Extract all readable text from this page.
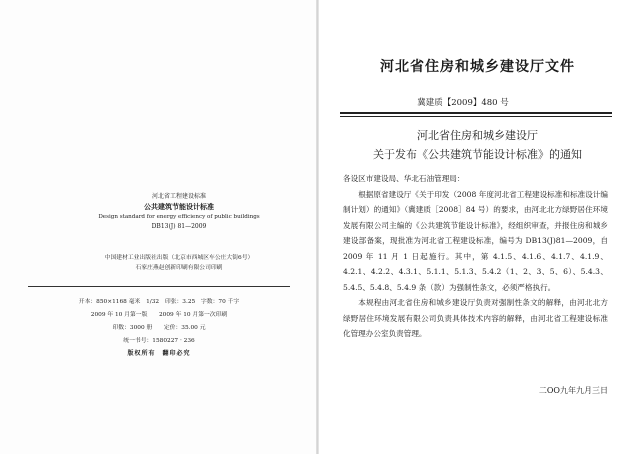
河北省工程建设标准
公共建筑节能设计标准
Design standard for energy efficiency of public buildings
DB13(J) 81—2009
中国建材工业出版社出版（北京市西城区车公庄大街6号）
石家庄燕赵创新印刷有限公司印刷
开本：850×1168 毫米　1/32　印张：3.25　字数：70 千字
2009 年 10 月第一版　　2009 年 10 月第一次印刷
印数：3000 册　　定价：35.00 元
统一书号：1580227 · 236
版权所有　翻印必究
河北省住房和城乡建设厅文件
冀建质【2009】480 号
河北省住房和城乡建设厅
关于发布《公共建筑节能设计标准》的通知
各设区市建设局、华北石油管理局：
根据原省建设厅《关于印发（2008 年度河北省工程建设标准和标准设计编制计划）的通知》（冀建质［2008］84 号）的要求，由河北北方绿野居住环境发展有限公司主编的《公共建筑节能设计标准》，经组织审查，并报住房和城乡建设部备案，现批准为河北省工程建设标准，编号为 DB13(J)81—2009，自 2009 年 11 月 1 日起施行。其中，第 4.1.5、4.1.6、4.1.7、4.1.9、4.2.1、4.2.2、4.3.1、5.1.1、5.1.3、5.4.2（1、2、3、5、6）、5.4.3、5.4.5、5.4.8、5.4.9 条（款）为强制性条文，必须严格执行。
本规程由河北省住房和城乡建设厅负责对强制性条文的解释，由河北北方绿野居住环境发展有限公司负责具体技术内容的解释，由河北省工程建设标准化管理办公室负责管理。
二OO九年九月三日
